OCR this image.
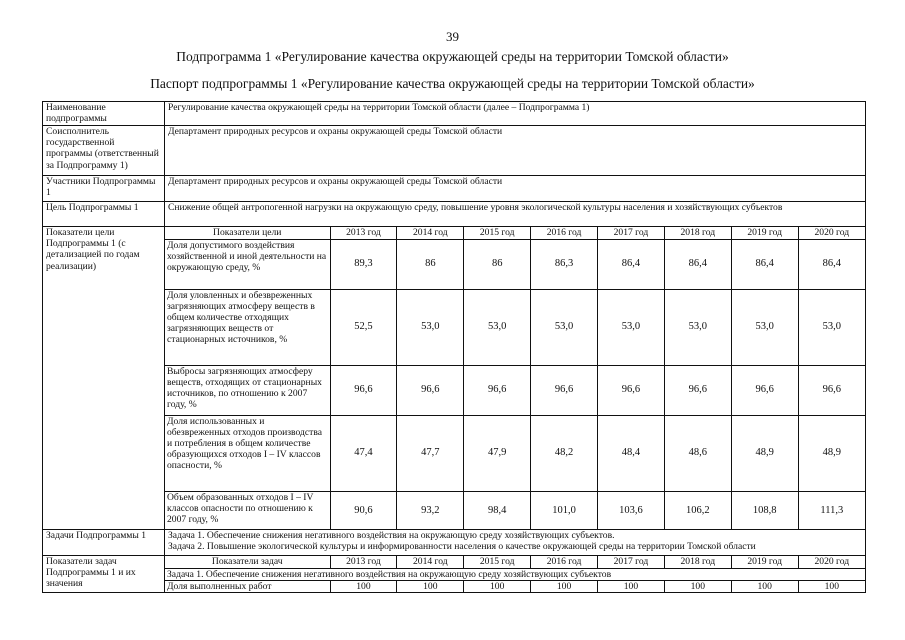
39
Подпрограмма 1 «Регулирование качества окружающей среды на территории Томской области»
Паспорт подпрограммы 1 «Регулирование качества окружающей среды на территории Томской области»
Наименование подпрограммы	Регулирование качества окружающей среды на территории Томской области (далее – Подпрограмма 1)
Соисполнитель государственной программы (ответственный за Подпрограмму 1)	Департамент природных ресурсов и охраны окружающей среды Томской области
Участники Подпрограммы 1	Департамент природных ресурсов и охраны окружающей среды Томской области
Цель Подпрограммы 1	Снижение общей антропогенной нагрузки на окружающую среду, повышение уровня экологической культуры населения и хозяйствующих субъектов
Показатели цели Подпрограммы 1 (с детализацией по годам реализации)	
Показатели цели	2013 год	2014 год	2015 год	2016 год	2017 год	2018 год	2019 год	2020 год
Доля допустимого воздействия хозяйственной и иной деятельности на окружающую среду, %	89,3	86	86	86,3	86,4	86,4	86,4	86,4
Доля уловленных и обезвреженных загрязняющих атмосферу веществ в общем количестве отходящих загрязняющих веществ от стационарных источников, %	52,5	53,0	53,0	53,0	53,0	53,0	53,0	53,0
Выбросы загрязняющих атмосферу веществ, отходящих от стационарных источников, по отношению к 2007 году, %	96,6	96,6	96,6	96,6	96,6	96,6	96,6	96,6
Доля использованных и обезвреженных отходов производства и потребления в общем количестве образующихся отходов I – IV классов опасности, %	47,4	47,7	47,9	48,2	48,4	48,6	48,9	48,9
Объем образованных отходов I – IV классов опасности по отношению к 2007 году, %	90,6	93,2	98,4	101,0	103,6	106,2	108,8	111,3

Задачи Подпрограммы 1	Задача 1. Обеспечение снижения негативного воздействия на окружающую среду хозяйствующих субъектов.
Задача 2. Повышение экологической культуры и информированности населения о качестве окружающей среды на территории Томской области

Показатели задач Подпрограммы 1 и их значения	
Показатели задач	2013 год	2014 год	2015 год	2016 год	2017 год	2018 год	2019 год	2020 год
Задача 1. Обеспечение снижения негативного воздействия на окружающую среду хозяйствующих субъектов
Доля выполненных работ	100	100	100	100	100	100	100	100
